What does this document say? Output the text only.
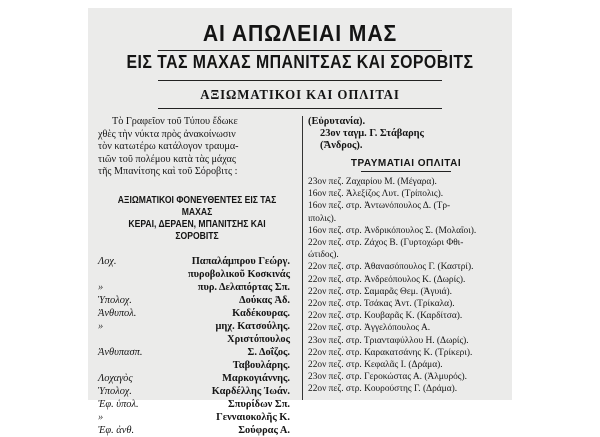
ΑΙ ΑΠΩΛΕΙΑΙ ΜΑΣ
ΕΙΣ ΤΑΣ ΜΑΧΑΣ ΜΠΑΝΙΤΣΑΣ ΚΑΙ ΣΟΡΟΒΙΤΣ
ΑΞΙΩΜΑΤΙΚΟΙ ΚΑΙ ΟΠΛΙΤΑΙ

Τὸ Γραφεῖον τοῦ Τύπου ἔδωκε
χθὲς τὴν νύκτα πρὸς ἀνακοίνωσιν
τὸν κατωτέρω κατάλογον τραυμα-
τιῶν τοῦ πολέμου κατὰ τὰς μάχας
τῆς Μπανίτσης καὶ τοῦ Σόροβιτς :

ΑΞΙΩΜΑΤΙΚΟΙ ΦΟΝΕΥΘΕΝΤΕΣ ΕΙΣ ΤΑΣ ΜΑΧΑΣ
ΚΕΡΑΙ, ΔΕΡΑΕΝ, ΜΠΑΝΙΤΣΗΣ ΚΑΙ ΣΟΡΟΒΙΤΣ
Λοχ.	Παπαλάμπρου Γεώργ.
πυροβολικοῦ Κοσκινάς
»	πυρ. Δελαπόρτας Σπ.
Ὑπολοχ.	Δούκας Ἀδ.
Ἀνθυπολ.	Καδέκουρας.
»	μηχ. Κατσούλης.
Χριστόπουλος
Ἀνθυπασπ.	Σ. Δοΐζος.
Ταβουλάρης.
Λοχαγὸς	Μαρκογιάννης.
Ὑπολοχ.	Καρδέλλης Ἰωάν.
Ἐφ. ὑπολ.	Σπυρίδων Σπ.
»	Γενναιοκολῆς Κ.
Ἐφ. ἀνθ.	Σούφρας Α.
(Εὐρυτανία).
23ον ταγμ. Γ. Στάβαρης
(Ἄνδρος).
ΤΡΑΥΜΑΤΙΑΙ ΟΠΛΙΤΑΙ
23ον πεζ. Ζαχαρίου Μ. (Μέγαρα).
16ον πεζ. Ἀλεξίζος Λυτ. (Τρίπολις).
16ον πεζ. στρ. Ἀντωνόπουλος Δ. (Τρ-
ιπολις).
16ον πεζ. στρ. Ἀνδρικόπουλος Σ. (Μολαΐοι).
22ον πεζ. στρ. Ζάχος Β. (Γυρτοχώρι Φθι-
ώτιδος).
22ον πεζ. στρ. Ἀθανασόπουλος Γ. (Καστρί).
22ον πεζ. στρ. Ἀνδρεόπουλος Κ. (Δωρίς).
22ον πεζ. στρ. Σαμαρᾶς Θεμ. (Ἀγυιά).
22ον πεζ. στρ. Τσάκας Ἀντ. (Τρίκαλα).
22ον πεζ. στρ. Κουβαρᾶς Κ. (Καρδίτσα).
22ον πεζ. στρ. Ἀγγελόπουλος Α.
23ον πεζ. στρ. Τριανταφύλλου Η. (Δωρίς).
22ον πεζ. στρ. Καρακατσάνης Κ. (Τρίκερι).
22ον πεζ. στρ. Κεφαλᾶς Ι. (Δράμα).
23ον πεζ. στρ. Γεροκώστας Α. (Ἀλμυρός).
22ον πεζ. στρ. Κουρούστης Γ. (Δράμα).
